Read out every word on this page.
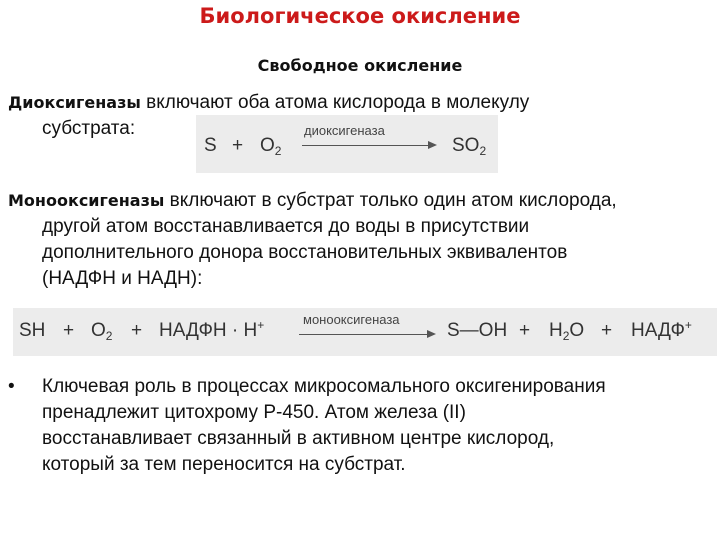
Биологическое окисление
Свободное окисление
Диоксигеназы включают оба атома кислорода в молекулу
субстрата:
$S + O_2$
диоксигеназа
$SO_2$
Монооксигеназы включают в субстрат только один атом кислорода,
другой атом восстанавливается до воды в присутствии
дополнительного донора восстановительных эквивалентов
(НАДФН и НАДН):
SH + $O_2$ + НАДФН · Н+	монооксигеназа
S—OH + $H_2O$ + НАДФ+
•	Ключевая роль в процессах микросомального оксигенирования
пренадлежит цитохрому Р-450. Атом железа (II)
восстанавливает связанный в активном центре кислород,
который за тем переносится на субстрат.
